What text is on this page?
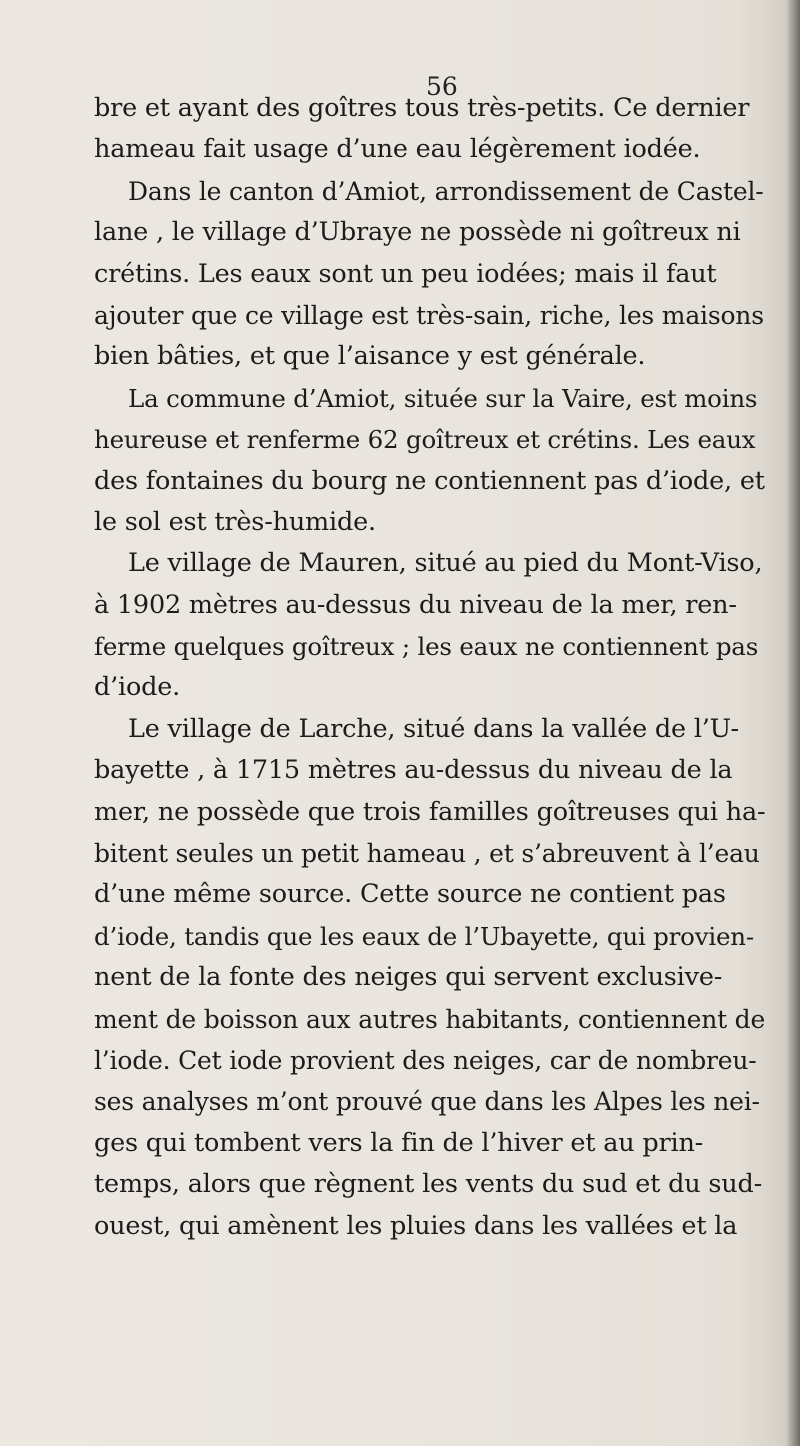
56
bre et ayant des goîtres tous très-petits. Ce dernier
hameau fait usage d’une eau légèrement iodée.
Dans le canton d’Amiot, arrondissement de Castel-
lane , le village d’Ubraye ne possède ni goîtreux ni
crétins. Les eaux sont un peu iodées; mais il faut
ajouter que ce village est très-sain, riche, les maisons
bien bâties, et que l’aisance y est générale.
La commune d’Amiot, située sur la Vaire, est moins
heureuse et renferme 62 goîtreux et crétins. Les eaux
des fontaines du bourg ne contiennent pas d’iode, et
le sol est très-humide.
Le village de Mauren, situé au pied du Mont-Viso,
à 1902 mètres au-dessus du niveau de la mer, ren-
ferme quelques goîtreux ; les eaux ne contiennent pas
d’iode.
Le village de Larche, situé dans la vallée de l’U-
bayette , à 1715 mètres au-dessus du niveau de la
mer, ne possède que trois familles goîtreuses qui ha-
bitent seules un petit hameau , et s’abreuvent à l’eau
d’une même source. Cette source ne contient pas
d’iode, tandis que les eaux de l’Ubayette, qui provien-
nent de la fonte des neiges qui servent exclusive-
ment de boisson aux autres habitants, contiennent de
l’iode. Cet iode provient des neiges, car de nombreu-
ses analyses m’ont prouvé que dans les Alpes les nei-
ges qui tombent vers la fin de l’hiver et au prin-
temps, alors que règnent les vents du sud et du sud-
ouest, qui amènent les pluies dans les vallées et la
